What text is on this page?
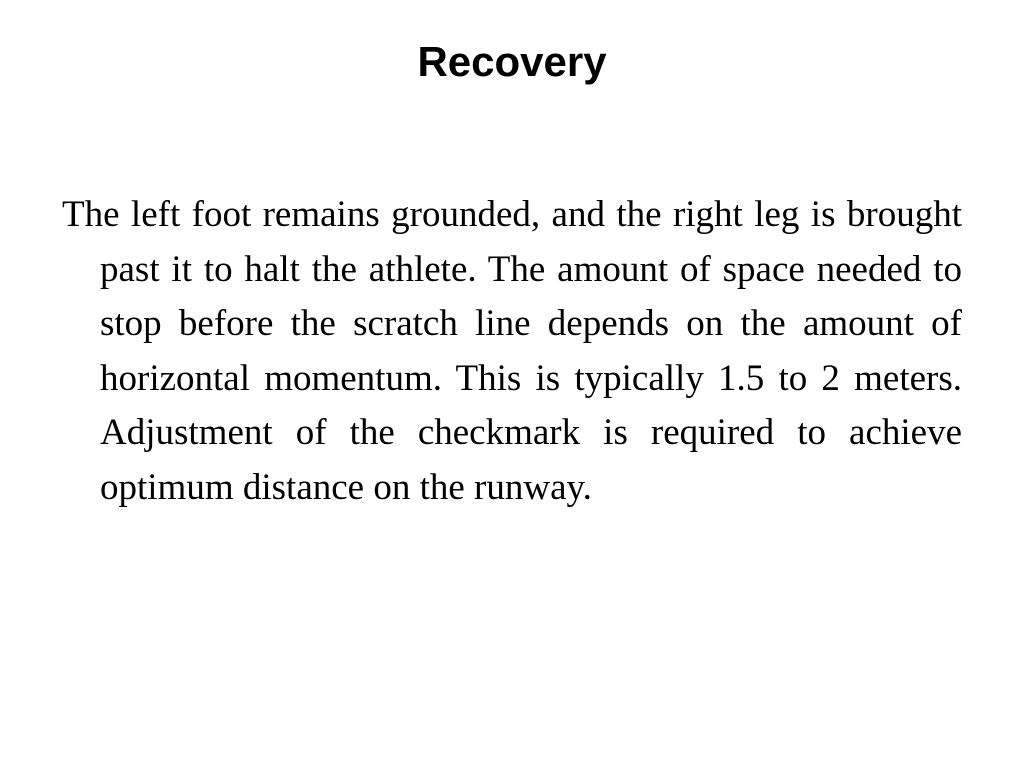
Recovery

The left foot remains grounded, and the right leg is brought past it to halt the athlete. The amount of space needed to stop before the scratch line depends on the amount of horizontal momentum. This is typically 1.5 to 2 meters. Adjustment of the checkmark is required to achieve optimum distance on the runway.
